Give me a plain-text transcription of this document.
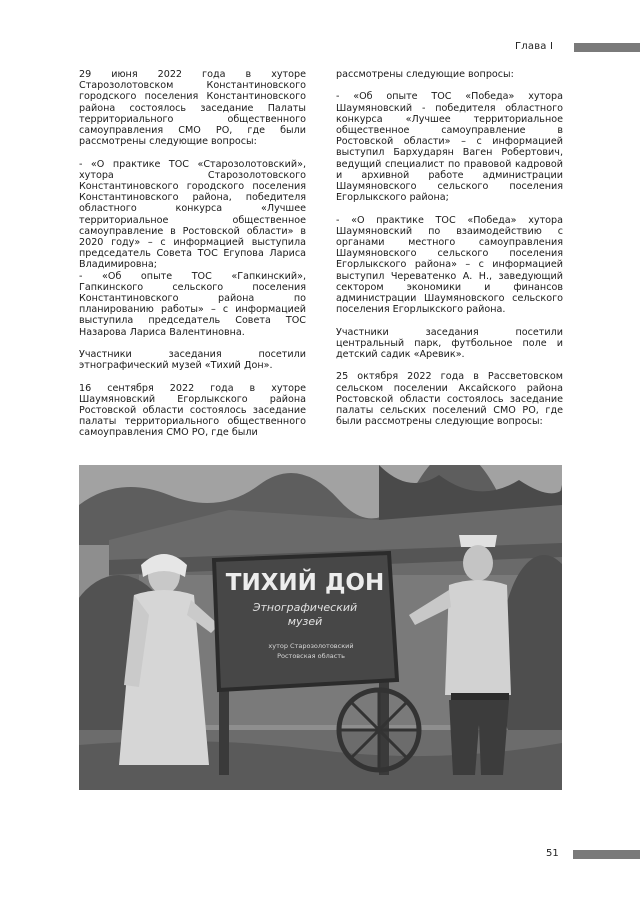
Глава I

29 июня 2022 года в хуторе Старозолотовском Константиновского городского поселения Константиновского района состоялось заседание Палаты территориального общественного самоуправления СМО РО, где были рассмотрены следующие вопросы:

- «О практике ТОС «Старозолотовский», хутора Старозолотовского Константиновского городского поселения Константиновского района, победителя областного конкурса «Лучшее территориальное общественное самоуправление в Ростовской области» в 2020 году» – с информацией выступила председатель Совета ТОС Егупова Лариса Владимировна;

- «Об опыте ТОС «Гапкинский», Гапкинского сельского поселения Константиновского района по планированию работы» – с информацией выступила председатель Совета ТОС Назарова Лариса Валентиновна.

Участники заседания посетили этнографический музей «Тихий Дон».

16 сентября 2022 года в хуторе Шаумяновский Егорлыкского района Ростовской области состоялось заседание палаты территориального общественного самоуправления СМО РО, где были

рассмотрены следующие вопросы:

- «Об опыте ТОС «Победа» хутора Шаумяновский - победителя областного конкурса «Лучшее территориальное общественное самоуправление в Ростовской области» – с информацией выступил Бархударян Ваген Робертович, ведущий специалист по правовой кадровой и архивной работе администрации Шаумяновского сельского поселения Егорлыкского района;

- «О практике ТОС «Победа» хутора Шаумяновский по взаимодействию с органами местного самоуправления Шаумяновского сельского поселения Егорлыкского района» – с информацией выступил Череватенко А. Н., заведующий сектором экономики и финансов администрации Шаумяновского сельского поселения Егорлыкского района.

Участники заседания посетили центральный парк, футбольное поле и детский садик «Аревик».

25 октября 2022 года в Рассветовском сельском поселении Аксайского района Ростовской области состоялось заседание палаты сельских поселений СМО РО, где были рассмотрены следующие вопросы:

ТИХИЙ ДОН
Этнографический
музей
хутор Старозолотовский
Ростовская область
51
